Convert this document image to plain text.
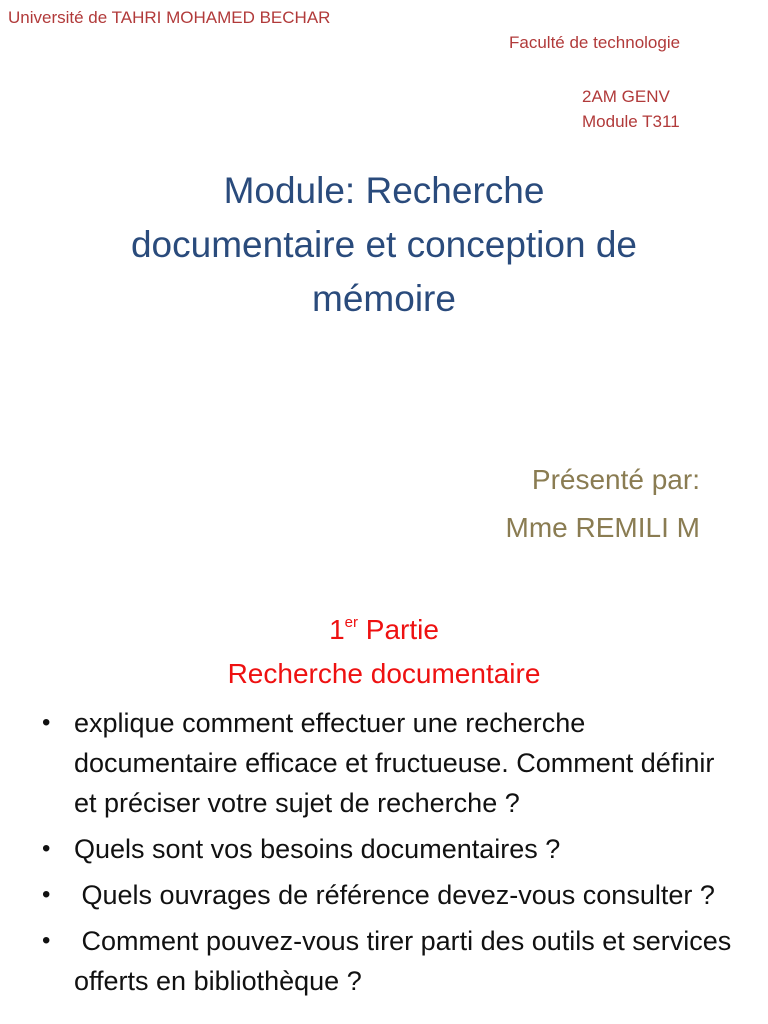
Université de TAHRI MOHAMED BECHAR
Faculté de technologie
2AM GENV
Module T311
Module: Recherche
documentaire et conception de
mémoire
Présenté par:
Mme REMILI M
1er Partie
Recherche documentaire
• explique comment effectuer une recherche documentaire efficace et fructueuse. Comment définir et préciser votre sujet de recherche ?
• Quels sont vos besoins documentaires ?
• Quels ouvrages de référence devez-vous consulter ?
• Comment pouvez-vous tirer parti des outils et services offerts en bibliothèque ?
